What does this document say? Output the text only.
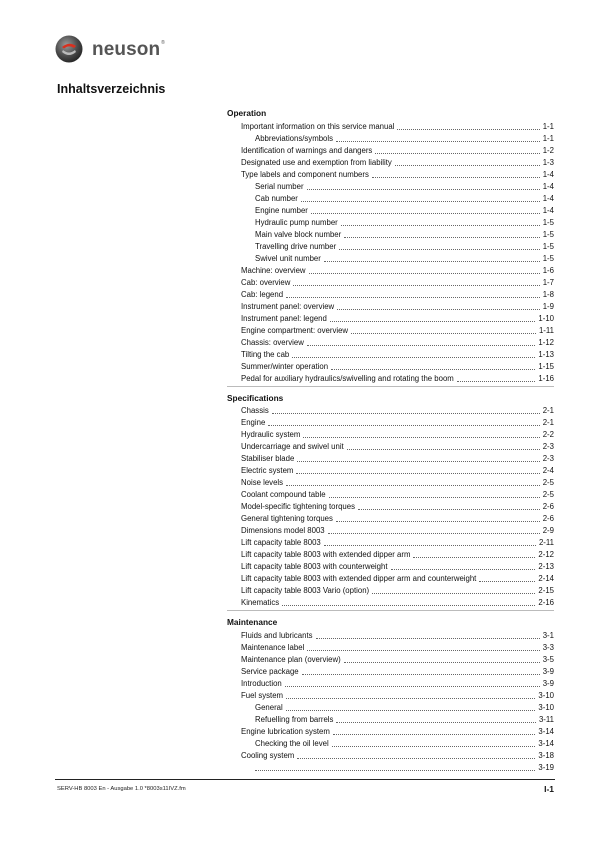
neuson®
Inhaltsverzeichnis
Operation
Important information on this service manual	1-1
Abbreviations/symbols	1-1
Identification of warnings and dangers	1-2
Designated use and exemption from liability	1-3
Type labels and component numbers	1-4
Serial number	1-4
Cab number	1-4
Engine number	1-4
Hydraulic pump number	1-5
Main valve block number	1-5
Travelling drive number	1-5
Swivel unit number	1-5
Machine: overview	1-6
Cab: overview	1-7
Cab: legend	1-8
Instrument panel: overview	1-9
Instrument panel: legend	1-10
Engine compartment: overview	1-11
Chassis: overview	1-12
Tilting the cab	1-13
Summer/winter operation	1-15
Pedal for auxiliary hydraulics/swivelling and rotating the boom	1-16
Specifications
Chassis	2-1
Engine	2-1
Hydraulic system	2-2
Undercarriage and swivel unit	2-3
Stabiliser blade	2-3
Electric system	2-4
Noise levels	2-5
Coolant compound table	2-5
Model-specific tightening torques	2-6
General tightening torques	2-6
Dimensions model 8003	2-9
Lift capacity table 8003	2-11
Lift capacity table 8003 with extended dipper arm	2-12
Lift capacity table 8003 with counterweight	2-13
Lift capacity table 8003 with extended dipper arm and counterweight	2-14
Lift capacity table 8003 Vario (option)	2-15
Kinematics	2-16
Maintenance
Fluids and lubricants	3-1
Maintenance label	3-3
Maintenance plan (overview)	3-5
Service package	3-9
Introduction	3-9
Fuel system	3-10
General	3-10
Refuelling from barrels	3-11
Engine lubrication system	3-14
Checking the oil level	3-14
Cooling system	3-18
3-19
SERV-HB 8003 En - Ausgabe 1.0 *8003s11IVZ.fm	I-1
